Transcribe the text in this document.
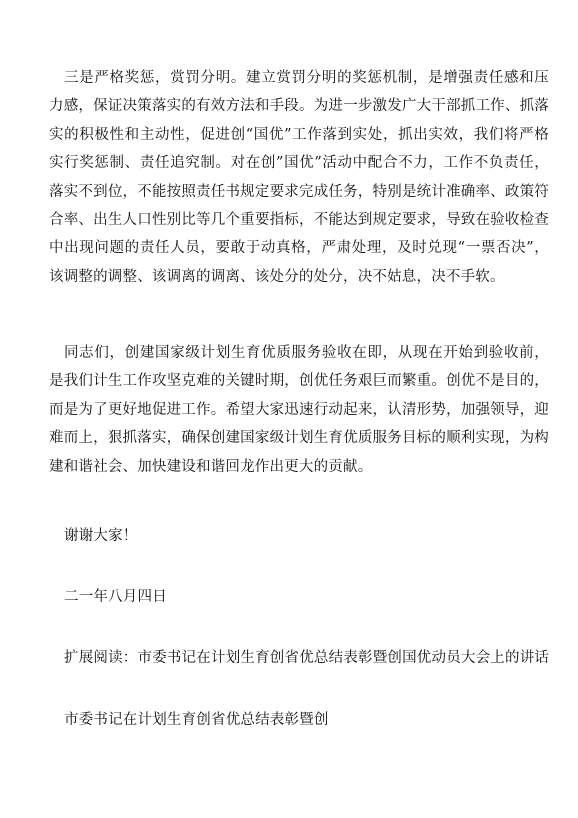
三是严格奖惩，赏罚分明。建立赏罚分明的奖惩机制，是增强责任感和压力感，保证决策落实的有效方法和手段。为进一步激发广大干部抓工作、抓落实的积极性和主动性，促进创“国优”工作落到实处，抓出实效，我们将严格实行奖惩制、责任追究制。对在创”国优”活动中配合不力，工作不负责任，落实不到位，不能按照责任书规定要求完成任务，特别是统计准确率、政策符合率、出生人口性别比等几个重要指标，不能达到规定要求，导致在验收检查中出现问题的责任人员，要敢于动真格，严肃处理，及时兑现“一票否决”，该调整的调整、该调离的调离、该处分的处分，决不姑息，决不手软。

同志们，创建国家级计划生育优质服务验收在即，从现在开始到验收前，是我们计生工作攻坚克难的关键时期，创优任务艰巨而繁重。创优不是目的，而是为了更好地促进工作。希望大家迅速行动起来，认清形势，加强领导，迎难而上，狠抓落实，确保创建国家级计划生育优质服务目标的顺利实现，为构建和谐社会、加快建设和谐回龙作出更大的贡献。

谢谢大家！
二一年八月四日
扩展阅读：市委书记在计划生育创省优总结表彰暨创国优动员大会上的讲话
市委书记在计划生育创省优总结表彰暨创
